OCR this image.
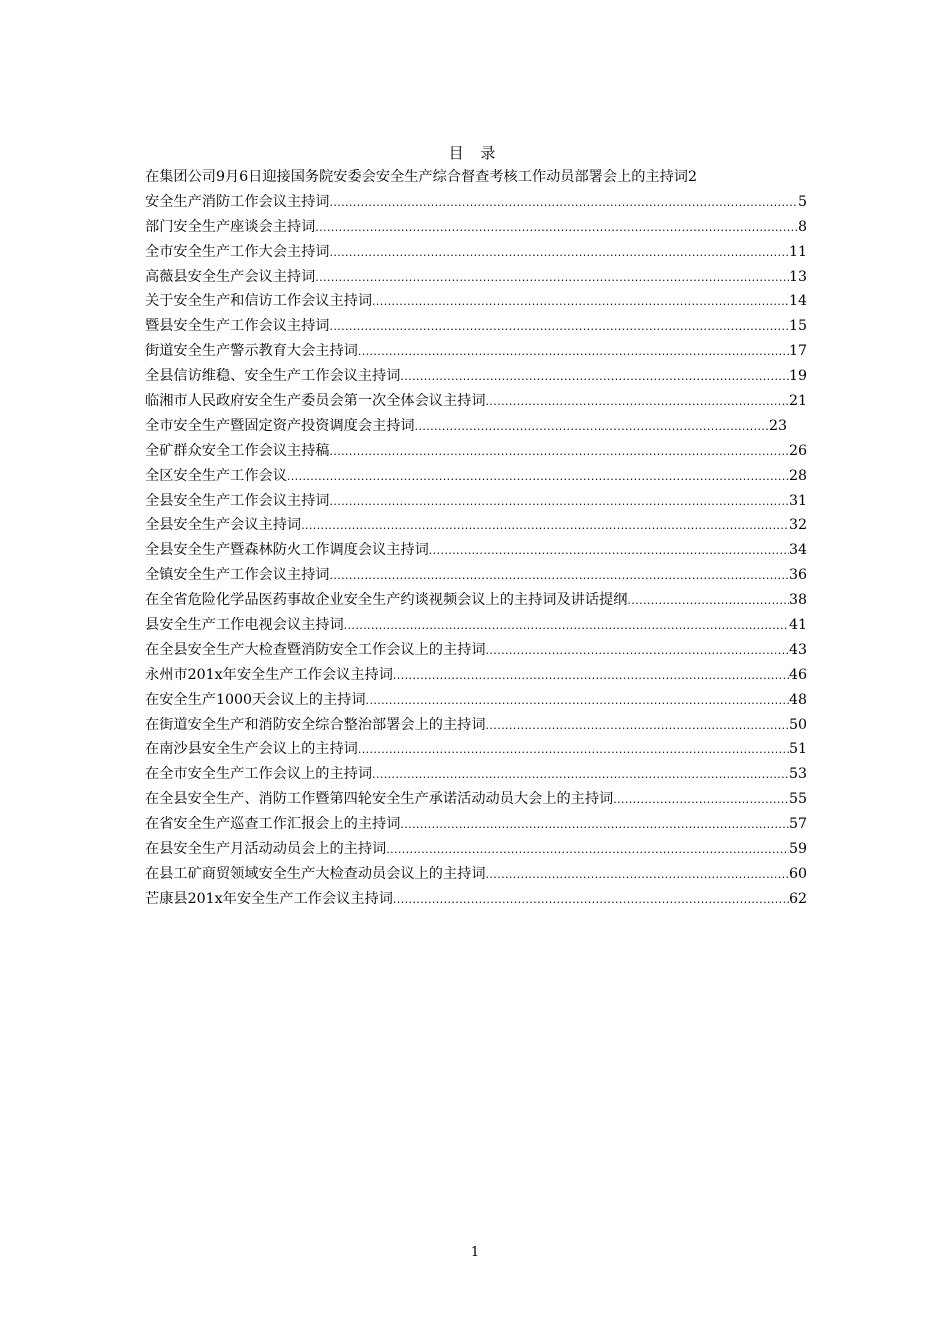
目 录
在集团公司9月6日迎接国务院安委会安全生产综合督查考核工作动员部署会上的主持词 2
安全生产消防工作会议主持词 .....	5
部门安全生产座谈会主持词 .....	8
全市安全生产工作大会主持词 .....	11
高薇县安全生产会议主持词 .....	13
关于安全生产和信访工作会议主持词 .....	14
暨县安全生产工作会议主持词 .....	15
街道安全生产警示教育大会主持词 .....	17
全县信访维稳、安全生产工作会议主持词 .....	19
临湘市人民政府安全生产委员会第一次全体会议主持词 .....	21
全市安全生产暨固定资产投资调度会主持词 .....	23
全矿群众安全工作会议主持稿 .....	26
全区安全生产工作会议 .....	28
全县安全生产工作会议主持词 .....	31
全县安全生产会议主持词 .....	32
全县安全生产暨森林防火工作调度会议主持词 .....	34
全镇安全生产工作会议主持词 .....	36
在全省危险化学品医药事故企业安全生产约谈视频会议上的主持词及讲话提纲 .....	38
县安全生产工作电视会议主持词 .....	41
在全县安全生产大检查暨消防安全工作会议上的主持词 .....	43
永州市201x年安全生产工作会议主持词 .....	46
在安全生产1000天会议上的主持词 .....	48
在街道安全生产和消防安全综合整治部署会上的主持词 .....	50
在南沙县安全生产会议上的主持词 .....	51
在全市安全生产工作会议上的主持词 .....	53
在全县安全生产、消防工作暨第四轮安全生产承诺活动动员大会上的主持词 .....	55
在省安全生产巡查工作汇报会上的主持词 .....	57
在县安全生产月活动动员会上的主持词 .....	59
在县工矿商贸领域安全生产大检查动员会议上的主持词 .....	60
芒康县201x年安全生产工作会议主持词 .....	62
1
